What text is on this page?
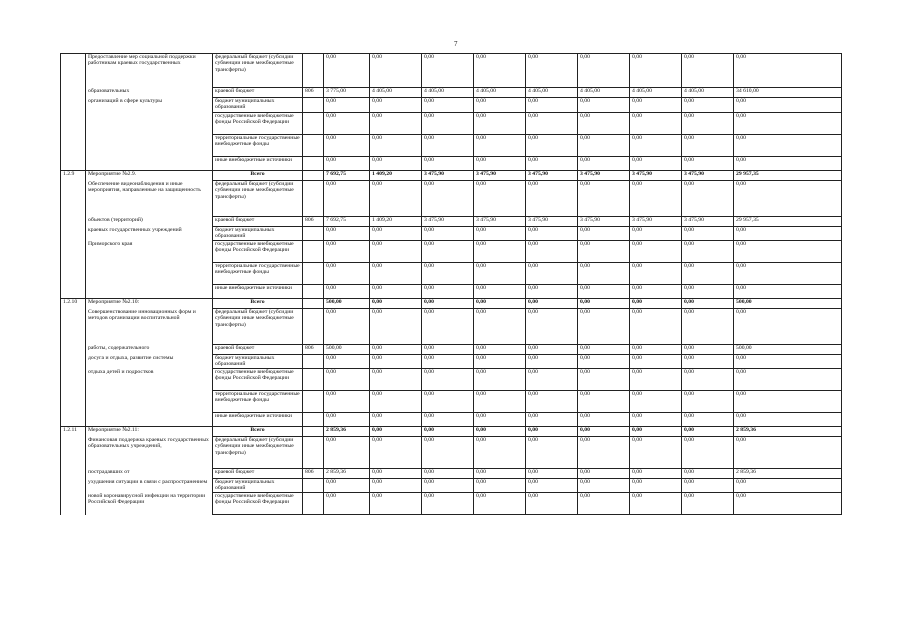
7
	Предоставление мер социальной поддержки работникам краевых государственных	федеральный бюджет (субсидии субвенции иные межбюджетные трансферты)		0,00	0,00	0,00	0,00	0,00	0,00	0,00	0,00	0,00
	образовательных	краевой бюджет	806	3 775,00	4 405,00	4 405,00	4 405,00	4 405,00	4 405,00	4 405,00	4 405,00	34 610,00
	организаций в сфере культуры	бюджет муниципальных образований		0,00	0,00	0,00	0,00	0,00	0,00	0,00	0,00	0,00
		государственные внебюджетные фонды Российской Федерации		0,00	0,00	0,00	0,00	0,00	0,00	0,00	0,00	0,00
		территориальные государственные внебюджетные фонды		0,00	0,00	0,00	0,00	0,00	0,00	0,00	0,00	0,00
		иные внебюджетные источники		0,00	0,00	0,00	0,00	0,00	0,00	0,00	0,00	0,00
1.2.9	Мероприятие №2.9.	Всего		7 692,75	1 409,20	3 475,90	3 475,90	3 475,90	3 475,90	3 475,90	3 475,90	29 957,35
	Обеспечение видеонаблюдения и иные мероприятия, направленные на защищенность	федеральный бюджет (субсидии субвенции иные межбюджетные трансферты)		0,00	0,00	0,00	0,00	0,00	0,00	0,00	0,00	0,00
	объектов (территорий)	краевой бюджет	806	7 692,75	1 409,20	3 475,90	3 475,90	3 475,90	3 475,90	3 475,90	3 475,90	29 957,35
	краевых государственных учреждений	бюджет муниципальных образований		0,00	0,00	0,00	0,00	0,00	0,00	0,00	0,00	0,00
	Приморского края	государственные внебюджетные фонды Российской Федерации		0,00	0,00	0,00	0,00	0,00	0,00	0,00	0,00	0,00
		территориальные государственные внебюджетные фонды		0,00	0,00	0,00	0,00	0,00	0,00	0,00	0,00	0,00
		иные внебюджетные источники		0,00	0,00	0,00	0,00	0,00	0,00	0,00	0,00	0,00
1.2.10	Мероприятие №2.10:	Всего		500,00	0,00	0,00	0,00	0,00	0,00	0,00	0,00	500,00
	Совершенствование инновационных форм и методов организации воспитательной	федеральный бюджет (субсидии субвенции иные межбюджетные трансферты)		0,00	0,00	0,00	0,00	0,00	0,00	0,00	0,00	0,00
	работы, содержательного	краевой бюджет	806	500,00	0,00	0,00	0,00	0,00	0,00	0,00	0,00	500,00
	досуга и отдыха, развитие системы	бюджет муниципальных образований		0,00	0,00	0,00	0,00	0,00	0,00	0,00	0,00	0,00
	отдыха детей и подростков	государственные внебюджетные фонды Российской Федерации		0,00	0,00	0,00	0,00	0,00	0,00	0,00	0,00	0,00
		территориальные государственные внебюджетные фонды		0,00	0,00	0,00	0,00	0,00	0,00	0,00	0,00	0,00
		иные внебюджетные источники		0,00	0,00	0,00	0,00	0,00	0,00	0,00	0,00	0,00
1.2.11	Мероприятие №2.11:	Всего		2 859,36	0,00	0,00	0,00	0,00	0,00	0,00	0,00	2 859,36
	Финансовая поддержка краевых государственных образовательных учреждений,	федеральный бюджет (субсидии субвенции иные межбюджетные трансферты)		0,00	0,00	0,00	0,00	0,00	0,00	0,00	0,00	0,00
	пострадавших от	краевой бюджет	806	2 859,36	0,00	0,00	0,00	0,00	0,00	0,00	0,00	2 859,36
	ухудшения ситуации в связи с распространением	бюджет муниципальных образований		0,00	0,00	0,00	0,00	0,00	0,00	0,00	0,00	0,00
	новой коронавирусной инфекции на территории Российской Федерации	государственные внебюджетные фонды Российской Федерации		0,00	0,00	0,00	0,00	0,00	0,00	0,00	0,00	0,00
